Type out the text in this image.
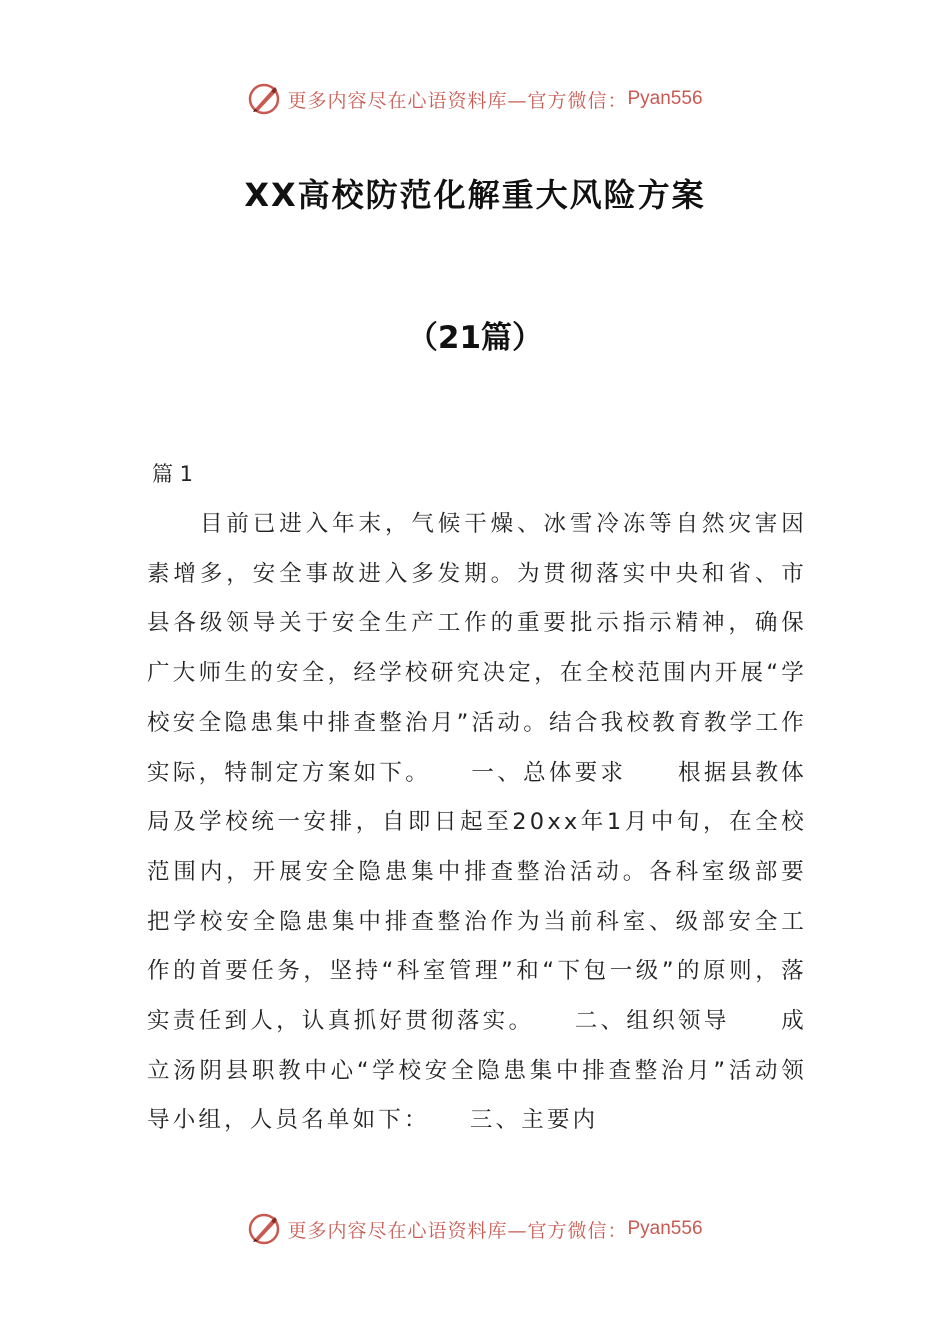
更多内容尽在心语资料库—官方微信： Pyan556
XX高校防范化解重大风险方案
（21篇）
篇 1

目前已进入年末，气候干燥、冰雪冷冻等自然灾害因素增多，安全事故进入多发期。为贯彻落实中央和省、市县各级领导关于安全生产工作的重要批示指示精神，确保广大师生的安全，经学校研究决定，在全校范围内开展“学校安全隐患集中排查整治月”活动。结合我校教育教学工作实际，特制定方案如下。　　一、总体要求　　根据县教体局及学校统一安排，自即日起至20xx年1月中旬，在全校范围内，开展安全隐患集中排查整治活动。各科室级部要把学校安全隐患集中排查整治作为当前科室、级部安全工作的首要任务，坚持“科室管理”和“下包一级”的原则，落实责任到人，认真抓好贯彻落实。　　二、组织领导　　成立汤阴县职教中心“学校安全隐患集中排查整治月”活动领导小组，人员名单如下：　　三、主要内

更多内容尽在心语资料库—官方微信： Pyan556
